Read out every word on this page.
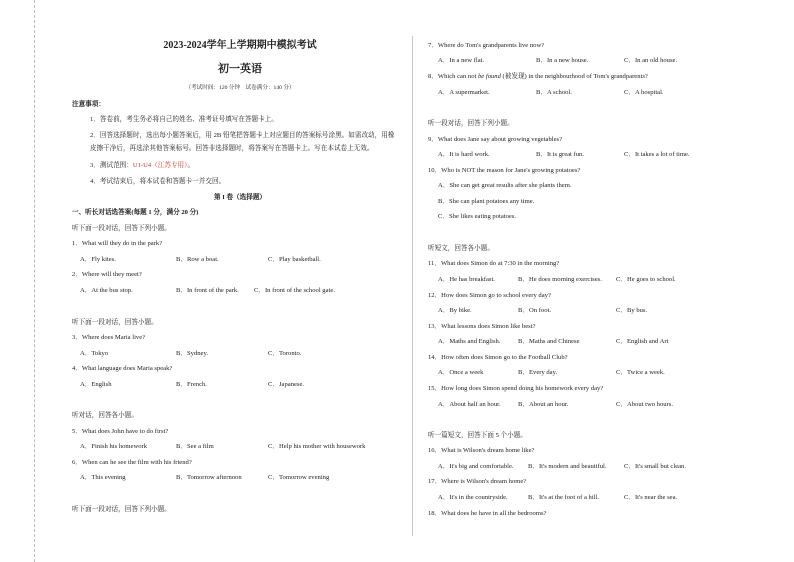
2023-2024学年上学期期中模拟考试
初一英语
（考试时间：120 分钟　试卷满分：140 分）
注意事项：
1．答卷前，考生务必将自己的姓名、准考证号填写在答题卡上。
2．回答选择题时，选出每小题答案后，用 2B 铅笔把答题卡上对应题目的答案标号涂黑。如需改动，用橡皮擦干净后，再选涂其他答案标号。回答非选择题时，将答案写在答题卡上。写在本试卷上无效。
3．测试范围：U1-U4（江苏专用）。
4．考试结束后，将本试卷和答题卡一并交回。
第 I 卷（选择题）
一、听长对话选答案(每题 1 分，满分 20 分)
听下面一段对话，回答下列小题。
1．What will they do in the park?
A．Fly kites.	B．Row a boat.	C．Play basketball.
2．Where will they meet?
A．At the bus stop.	B．In front of the park. C．In front of the school gate.
听下面一段对话，回答小题。
3．Where does Maria live?
A．Tokyo	B．Sydney.	C．Toronto.
4．What language does Maria speak?
A．English	B．French.	C．Japanese.
听对话，回答各小题。
5．What does John have to do first?
A．Finish his homework	B．See a film	C．Help his mother with housework
6．When can he see the film with his friend?
A．This evening	B．Tomorrow afternoon	C．Tomorrow evening
听下面一段对话，回答下列小题。
7．Where do Tom's grandparents live now?
A．In a new flat.	B．In a new house.	C．In an old house.
8．Which can not be found (被发现) in the neighbourhood of Tom's grandparents?
A．A supermarket.	B．A school.	C．A hospital.
听一段对话，回答下列小题。
9．What does Jane say about growing vegetables?
A．It is hard work.	B．It is great fun.	C．It takes a lot of time.
10．Who is NOT the reason for Jane's growing potatoes?
A．She can get great results after she plants them.
B．She can plant potatoes any time.
C．She likes eating potatoes.
听短文，回答各小题。
11．What does Simon do at 7:30 in the morning?
A．He has breakfast.	B．He does morning exercises. C．He goes to school.
12．How does Simon go to school every day?
A．By bike.	B．On foot.	C．By bus.
13．What lessons does Simon like best?
A．Maths and English.	B．Maths and Chinese	C．English and Art
14．How often does Simon go to the Football Club?
A．Once a week	B．Every day.	C．Twice a week.
15．How long does Simon spend doing his homework every day?
A．About half an hour.	B．About an hour.	C．About two hours.
听一篇短文，回答下面 5 个小题。
16．What is Wilson's dream home like?
A．It's big and comfortable. B．It's modern and beautiful.	C．It's small but clean.
17．Where is Wilson's dream home?
A．It's in the countryside.	B．It's at the foot of a hill.	C．It's near the sea.
18．What does he have in all the bedrooms?
